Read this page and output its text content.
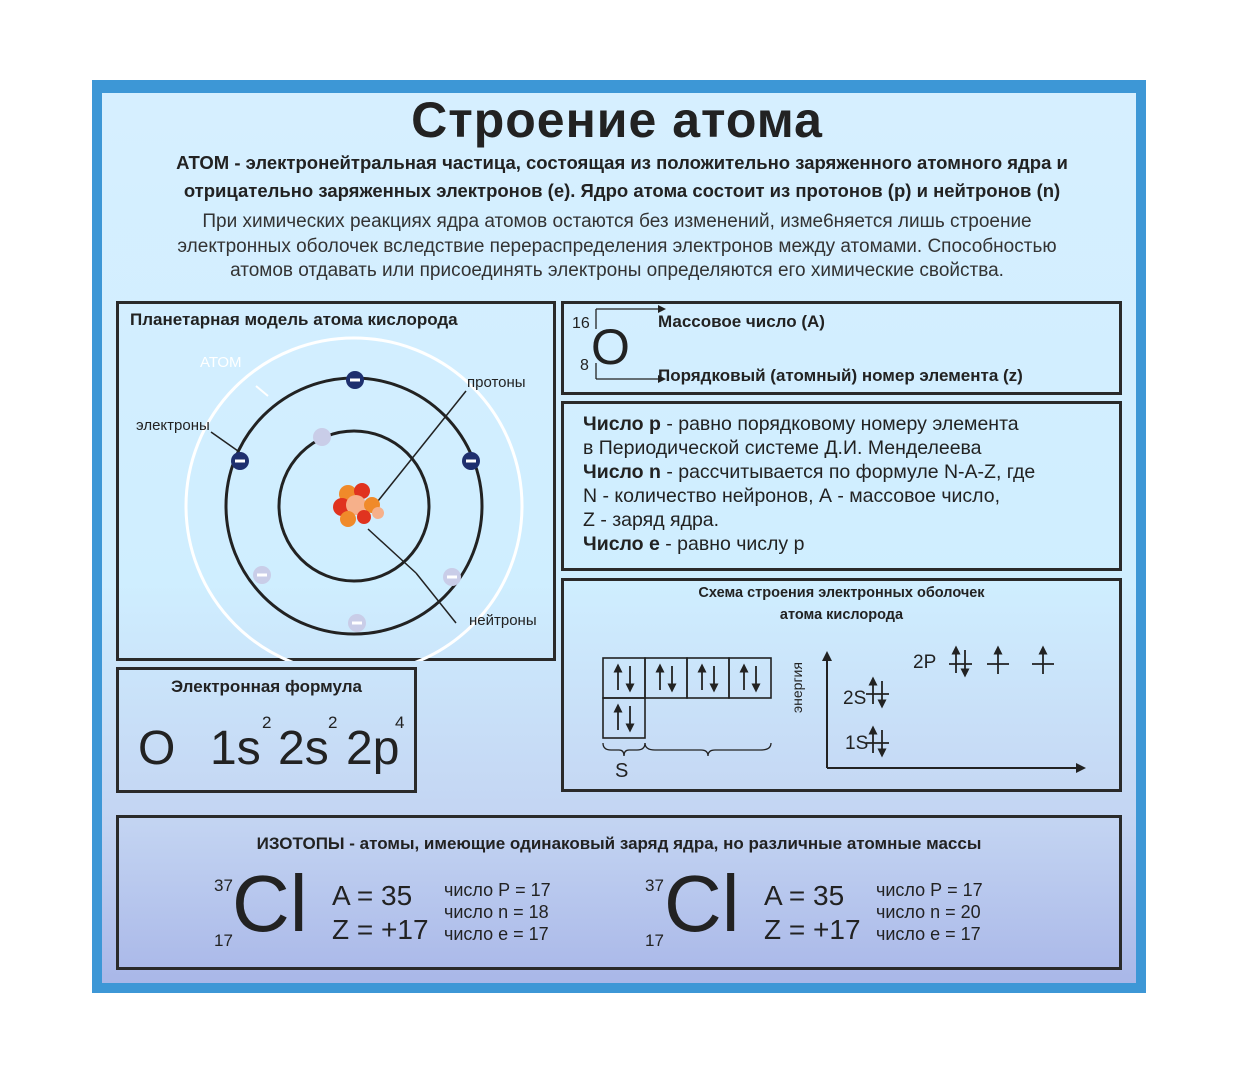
Строение атома
АТОМ - электронейтральная частица, состоящая из положительно заряженного атомного ядра и
отрицательно заряженных электронов (е). Ядро атома состоит из протонов (р) и нейтронов (n)
При химических реакциях ядра атомов остаются без изменений, изме6няется лишь строение
электронных оболочек вследствие перераспределения электронов между атомами. Способностью
атомов отдавать или присоединять электроны определяются его химические свойства.
Планетарная модель атома кислорода
АТОМ
протоны
электроны
нейтроны
16
8 O Массовое число (А)
Порядковый (атомный) номер элемента (z)
Число р - равно порядковому номеру элемента
в Периодической системе Д.И. Менделеева
Число n - рассчитывается по формуле N-A-Z, где
N - количество нейронов, А - массовое число,
Z - заряд ядра.
Число е - равно числу р
Схема строения электронных оболочек
атома кислорода
S
энергия	2P
2S
1S
Электронная формула
O 1s 2 2s 2 2p
4
ИЗОТОПЫ - атомы, имеющие одинаковый заряд ядра, но различные атомные массы
37
17 Cl A = 35
Z = +17
число Р = 17
число n = 18
число е = 17
37
17 Cl A = 35
Z = +17
число Р = 17
число n = 20
число е = 17
